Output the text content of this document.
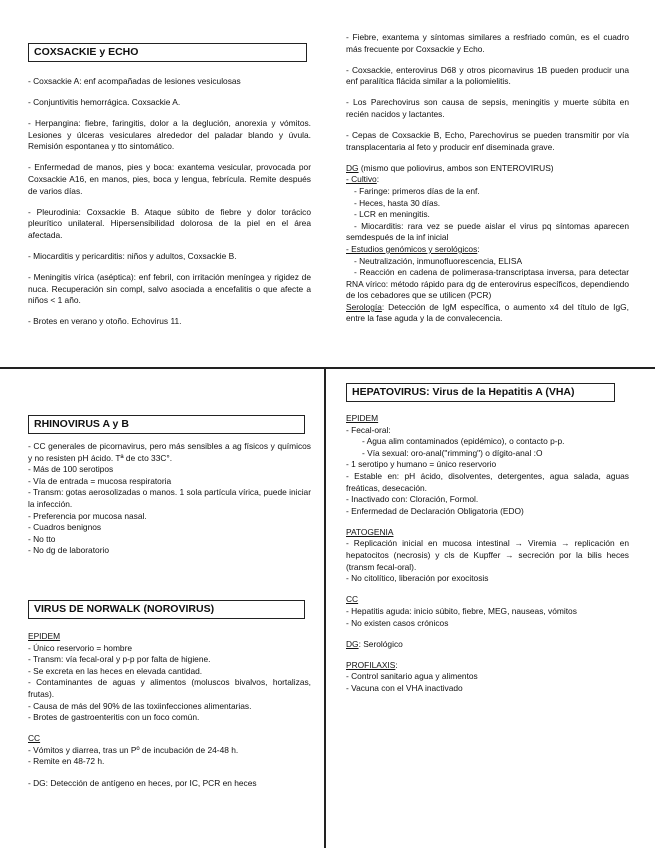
COXSACKIE y ECHO

- Coxsackie A: enf acompañadas de lesiones vesiculosas

- Conjuntivitis hemorrágica. Coxsackie A.

- Herpangina: fiebre, faringitis, dolor a la deglución, anorexia y vómitos. Lesiones y úlceras vesiculares alrededor del paladar blando y úvula. Remisión espontanea y tto sintomático.

- Enfermedad de manos, pies y boca: exantema vesicular, provocada por Coxsackie A16, en manos, pies, boca y lengua, febrícula. Remite después de varios días.

- Pleurodinia: Coxsackie B. Ataque súbito de fiebre y dolor torácico pleurítico unilateral. Hipersensibilidad dolorosa de la piel en el área afectada.

- Miocarditis y pericarditis: niños y adultos, Coxsackie B.

- Meningitis vírica (aséptica): enf febril, con irritación meníngea y rigidez de nuca. Recuperación sin compl, salvo asociada a encefalitis o que afecte a niños < 1 año.

- Brotes en verano y otoño. Echovirus 11.

- Fiebre, exantema y síntomas similares a resfriado común, es el cuadro más frecuente por Coxsackie y Echo.

- Coxsackie, enterovirus D68 y otros picornavirus 1B pueden producir una enf paralítica flácida similar a la poliomielitis.

- Los Parechovirus son causa de sepsis, meningitis y muerte súbita en recién nacidos y lactantes.

- Cepas de Coxsackie B, Echo, Parechovirus se pueden transmitir por vía transplacentaria al feto y producir enf diseminada grave.

DG (mismo que poliovirus, ambos son ENTEROVIRUS)

- Cultivo:

- Faringe: primeros días de la enf.

- Heces, hasta 30 días.

- LCR en meningitis.

- Miocarditis: rara vez se puede aislar el virus pq síntomas aparecen semdespués de la inf inicial

- Estudios genómicos y serológicos:

- Neutralización, inmunofluorescencia, ELISA

- Reacción en cadena de polimerasa-transcriptasa inversa, para detectar RNA vírico: método rápido para dg de enterovirus específicos, dependiendo de los cebadores que se utilicen (PCR)

Serología: Detección de IgM específica, o aumento x4 del título de IgG, entre la fase aguda y la de convalecencia.

RHINOVIRUS A y B

- CC generales de picornavirus, pero más sensibles a ag físicos y químicos y no resisten pH ácido. Tª de cto 33C°.

- Más de 100 serotipos

- Vía de entrada = mucosa respiratoria

- Transm: gotas aerosolizadas o manos. 1 sola partícula vírica, puede iniciar la infección.

- Preferencia por mucosa nasal.

- Cuadros benignos

- No tto

- No dg de laboratorio

VIRUS DE NORWALK (NOROVIRUS)

EPIDEM

- Único reservorio = hombre

- Transm: vía fecal-oral y p-p por falta de higiene.

- Se excreta en las heces en elevada cantidad.

- Contaminantes de aguas y alimentos (moluscos bivalvos, hortalizas, frutas).

- Causa de más del 90% de las toxiinfecciones alimentarias.

- Brotes de gastroenteritis con un foco común.

CC

- Vómitos y diarrea, tras un Pº de incubación de 24-48 h.

- Remite en 48-72 h.

- DG: Detección de antígeno en heces, por IC, PCR en heces

HEPATOVIRUS: Virus de la Hepatitis A (VHA)

EPIDEM

- Fecal-oral:

- Agua alim contaminados (epidémico), o contacto p-p.

- Vía sexual: oro-anal("rimming") o dígito-anal :O

- 1 serotipo y humano = único reservorio

- Estable en: pH ácido, disolventes, detergentes, agua salada, aguas freáticas, desecación.

- Inactivado con: Cloración, Formol.

- Enfermedad de Declaración Obligatoria (EDO)

PATOGENIA

- Replicación inicial en mucosa intestinal → Viremia → replicación en hepatocitos (necrosis) y cls de Kupffer → secreción por la bilis heces (transm fecal-oral).

- No citolítico, liberación por exocitosis

CC

- Hepatitis aguda: inicio súbito, fiebre, MEG, nauseas, vómitos

- No existen casos crónicos

DG: Serológico

PROFILAXIS:

- Control sanitario agua y alimentos

- Vacuna con el VHA inactivado
